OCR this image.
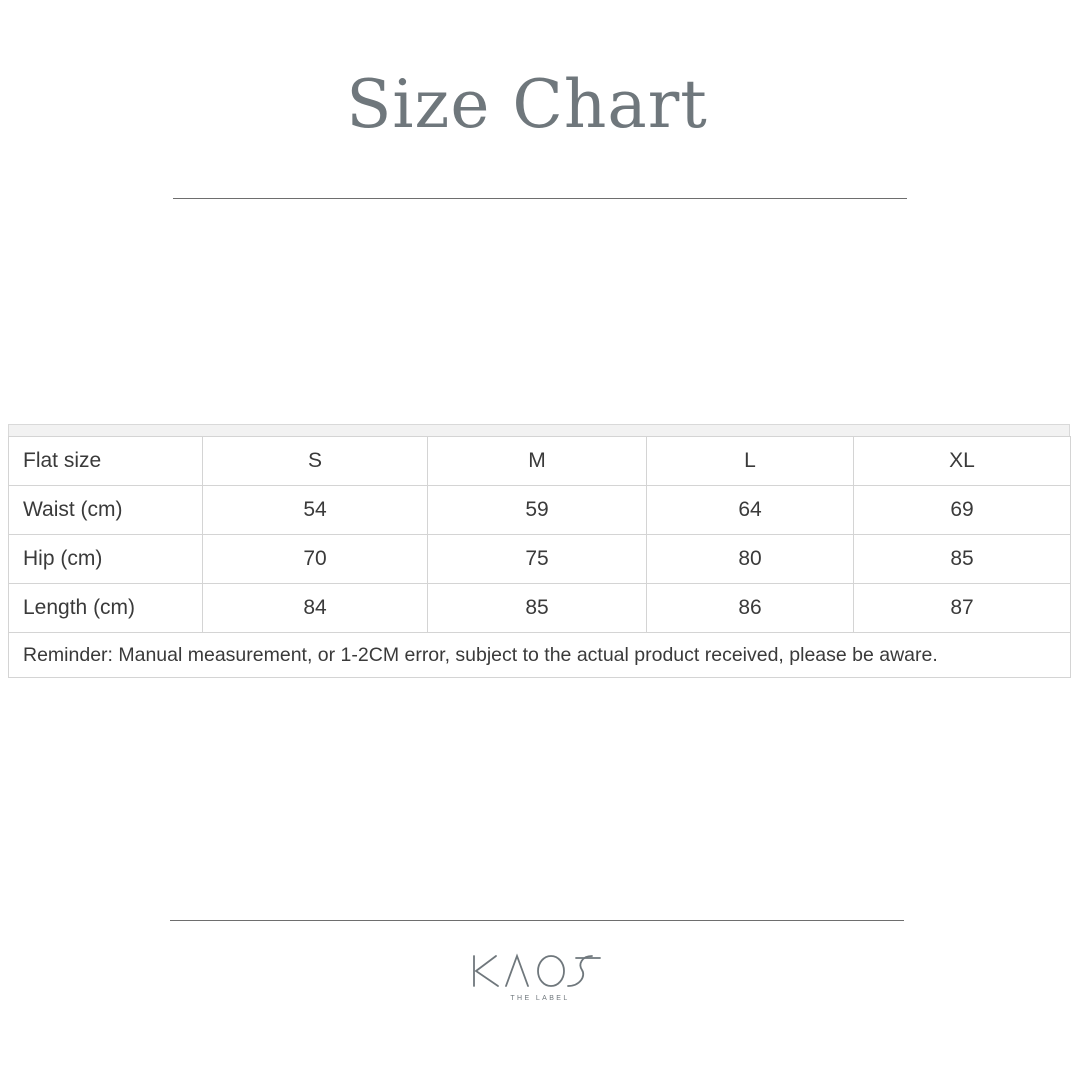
Size Chart
Flat size	S	M	L	XL
Waist (cm)	54	59	64	69
Hip (cm)	70	75	80	85
Length (cm)	84	85	86	87
Reminder: Manual measurement, or 1-2CM error, subject to the actual product received, please be aware.				
THE LABEL
